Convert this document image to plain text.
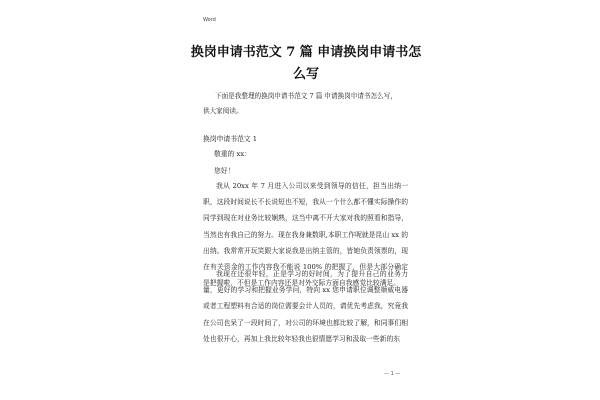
Word
换岗申请书范文 7 篇 申请换岗申请书怎么写
下面是我整理的换岗申请书范文 7 篇 申请换岗申请书怎么写，供大家阅读。
换岗申请书范文 1
敬重的 xx：
您好！
我从 20xx 年 7 月进入公司以来受到领导的信任，担当出纳一职，这段时间说长不长说短也不短，我从一个什么都不懂实际操作的同学到现在对业务比较娴熟，这当中离不开大家对我的照看和指导，当然也有我自己的努力。现在我身兼数职,本职工作呢就是昆山 xx 的出纳。我常常开玩笑跟大家说我是出纳主管的，皆她负责领票的，现在有关资金的工作内容我不能说 100% 的把握了，但是大部分确定是把握啦，不但是工作内容还是对外交际方面自我感觉比较满足。
我现在还很年轻，正是学习的好时间，为了提升自己的业务力量，更好的学习和把握业务学问，特向 xx 您申请职位调整顺威电器或者工程塑料有合适的岗位需要会计人员的，请优先考虑我，究竟我在公司也呆了一段时间了，对公司的环境也都比较了解，和同事们相处也很开心，再加上我比较年轻我也很情愿学习和汲取一些新的东
— 1 —
